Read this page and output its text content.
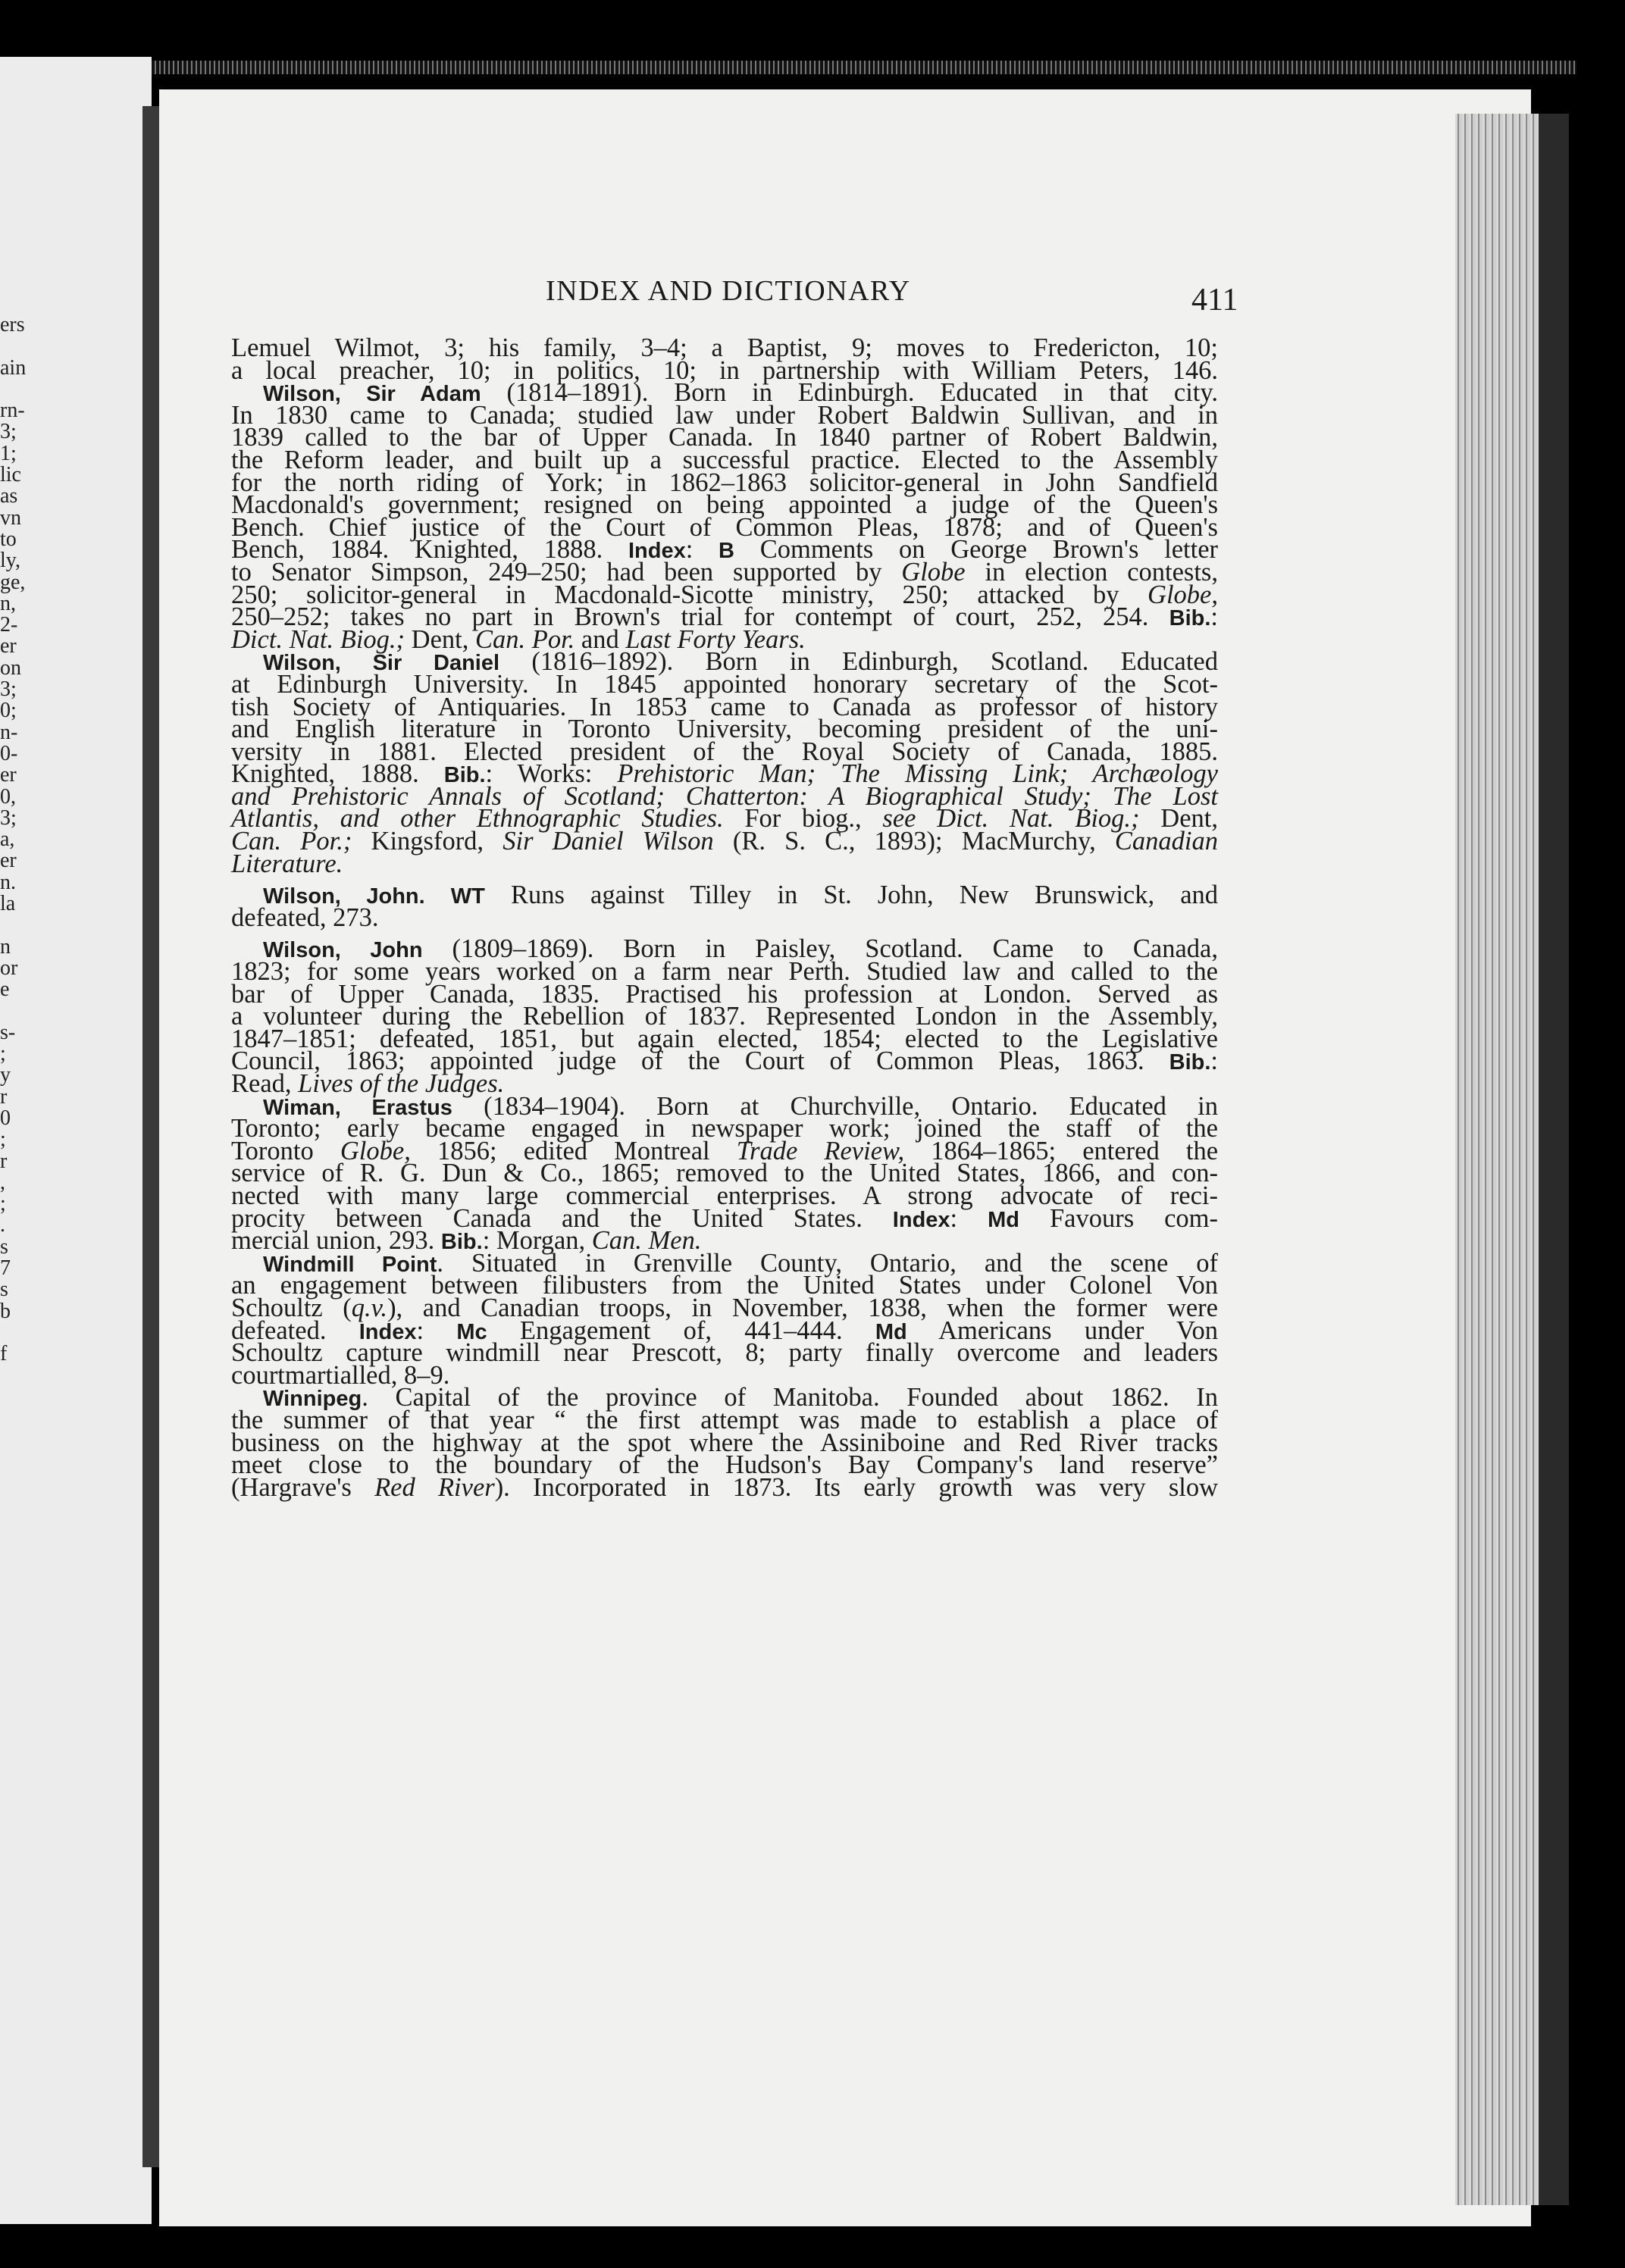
ers
ain
rn-
3;
1;
lic
as
vn
to
ly,
ge,
n,
2-
er
on
3;
0;
n-
0-
er
0,
3;
a,
er
n.
la
n
or
e
s-
;
y
r
0
;
r
,
;
.
s
7
s
b
f
INDEX AND DICTIONARY	411
Lemuel Wilmot, 3; his family, 3–4; a Baptist, 9; moves to Fredericton, 10;
a local preacher, 10; in politics, 10; in partnership with William Peters, 146.
Wilson, Sir Adam (1814–1891). Born in Edinburgh. Educated in that city.
In 1830 came to Canada; studied law under Robert Baldwin Sullivan, and in
1839 called to the bar of Upper Canada. In 1840 partner of Robert Baldwin,
the Reform leader, and built up a successful practice. Elected to the Assembly
for the north riding of York; in 1862–1863 solicitor-general in John Sandfield
Macdonald's government; resigned on being appointed a judge of the Queen's
Bench. Chief justice of the Court of Common Pleas, 1878; and of Queen's
Bench, 1884. Knighted, 1888. Index: B Comments on George Brown's letter
to Senator Simpson, 249–250; had been supported by Globe in election contests,
250; solicitor-general in Macdonald-Sicotte ministry, 250; attacked by Globe,
250–252; takes no part in Brown's trial for contempt of court, 252, 254. Bib.:
Dict. Nat. Biog.; Dent, Can. Por. and Last Forty Years.
Wilson, Sir Daniel (1816–1892). Born in Edinburgh, Scotland. Educated
at Edinburgh University. In 1845 appointed honorary secretary of the Scot-
tish Society of Antiquaries. In 1853 came to Canada as professor of history
and English literature in Toronto University, becoming president of the uni-
versity in 1881. Elected president of the Royal Society of Canada, 1885.
Knighted, 1888. Bib.: Works: Prehistoric Man; The Missing Link; Archæology
and Prehistoric Annals of Scotland; Chatterton: A Biographical Study; The Lost
Atlantis, and other Ethnographic Studies. For biog., see Dict. Nat. Biog.; Dent,
Can. Por.; Kingsford, Sir Daniel Wilson (R. S. C., 1893); MacMurchy, Canadian
Literature.
Wilson, John. WT Runs against Tilley in St. John, New Brunswick, and
defeated, 273.
Wilson, John (1809–1869). Born in Paisley, Scotland. Came to Canada,
1823; for some years worked on a farm near Perth. Studied law and called to the
bar of Upper Canada, 1835. Practised his profession at London. Served as
a volunteer during the Rebellion of 1837. Represented London in the Assembly,
1847–1851; defeated, 1851, but again elected, 1854; elected to the Legislative
Council, 1863; appointed judge of the Court of Common Pleas, 1863. Bib.:
Read, Lives of the Judges.
Wiman, Erastus (1834–1904). Born at Churchville, Ontario. Educated in
Toronto; early became engaged in newspaper work; joined the staff of the
Toronto Globe, 1856; edited Montreal Trade Review, 1864–1865; entered the
service of R. G. Dun & Co., 1865; removed to the United States, 1866, and con-
nected with many large commercial enterprises. A strong advocate of reci-
procity between Canada and the United States. Index: Md Favours com-
mercial union, 293. Bib.: Morgan, Can. Men.
Windmill Point. Situated in Grenville County, Ontario, and the scene of
an engagement between filibusters from the United States under Colonel Von
Schoultz (q.v.), and Canadian troops, in November, 1838, when the former were
defeated. Index: Mc Engagement of, 441–444. Md Americans under Von
Schoultz capture windmill near Prescott, 8; party finally overcome and leaders
courtmartialled, 8–9.
Winnipeg. Capital of the province of Manitoba. Founded about 1862. In
the summer of that year “ the first attempt was made to establish a place of
business on the highway at the spot where the Assiniboine and Red River tracks
meet close to the boundary of the Hudson's Bay Company's land reserve”
(Hargrave's Red River). Incorporated in 1873. Its early growth was very slow
